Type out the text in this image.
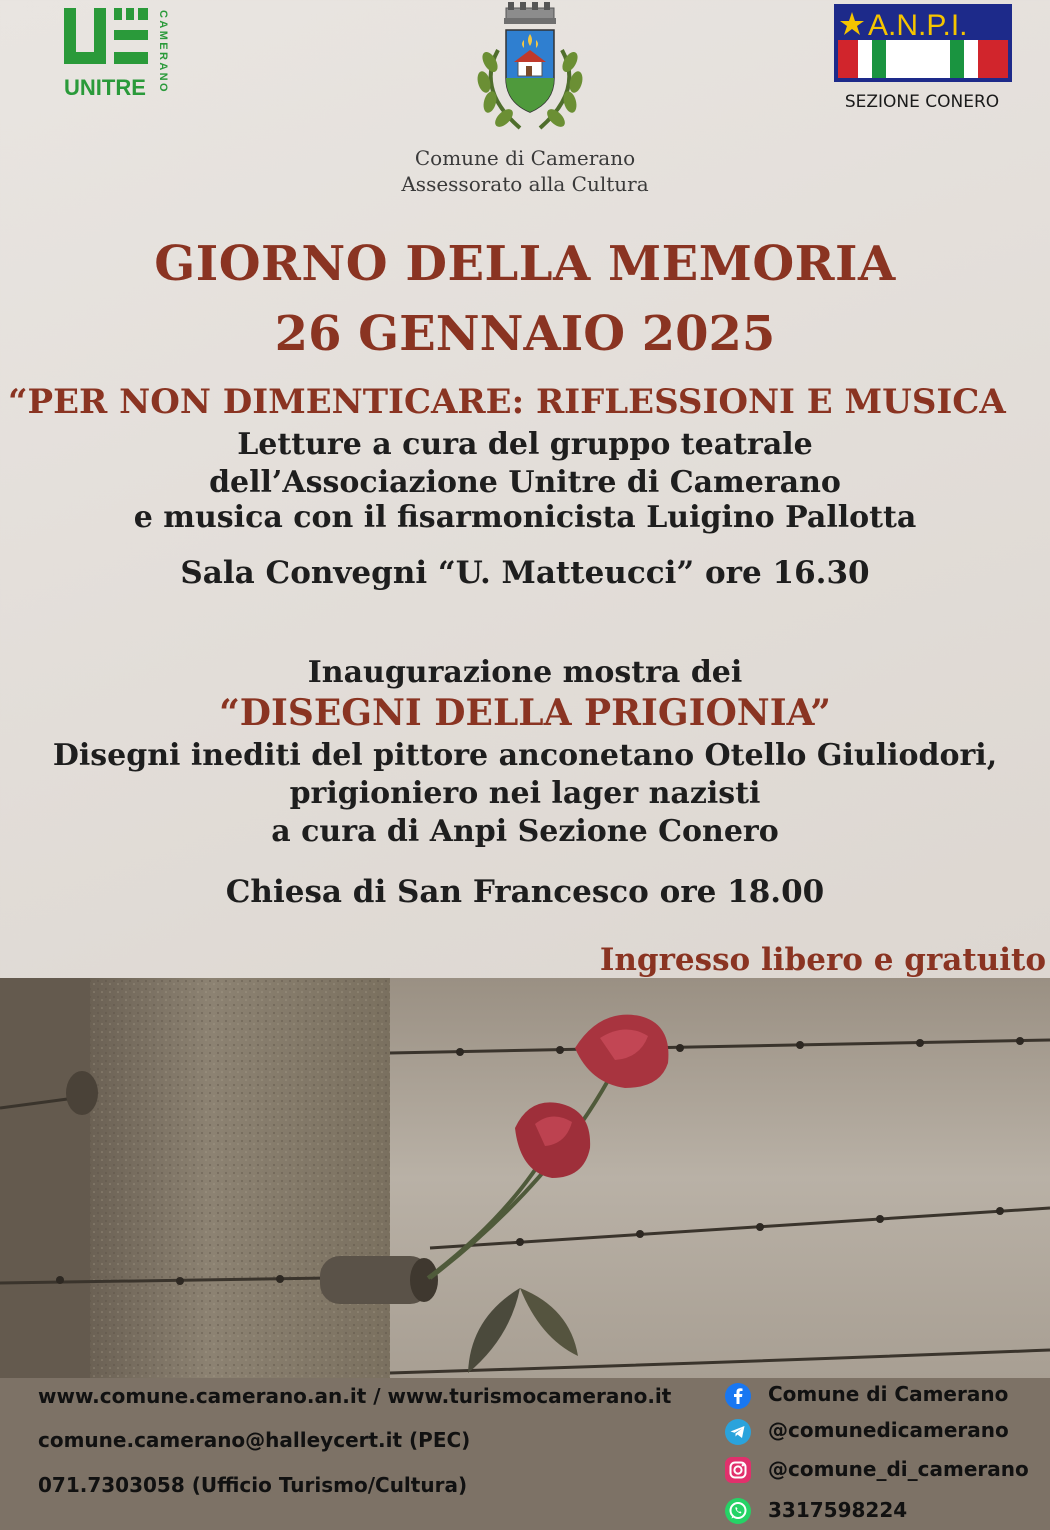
UNITRE CAMERANO	A.N.P.I.
SEZIONE CONERO
Comune di Camerano
Assessorato alla Cultura
GIORNO DELLA MEMORIA
26 GENNAIO 2025
“PER NON DIMENTICARE: RIFLESSIONI E MUSICA
Letture a cura del gruppo teatrale
dell’Associazione Unitre di Camerano
e musica con il fisarmonicista Luigino Pallotta
Sala Convegni “U. Matteucci” ore 16.30
Inaugurazione mostra dei
“DISEGNI DELLA PRIGIONIA”
Disegni inediti del pittore anconetano Otello Giuliodori,
prigioniero nei lager nazisti
a cura di Anpi Sezione Conero
Chiesa di San Francesco ore 18.00
Ingresso libero e gratuito
www.comune.camerano.an.it / www.turismocamerano.it
comune.camerano@halleycert.it (PEC)
071.7303058 (Ufficio Turismo/Cultura)
Comune di Camerano
@comunedicamerano
@comune_di_camerano
3317598224
